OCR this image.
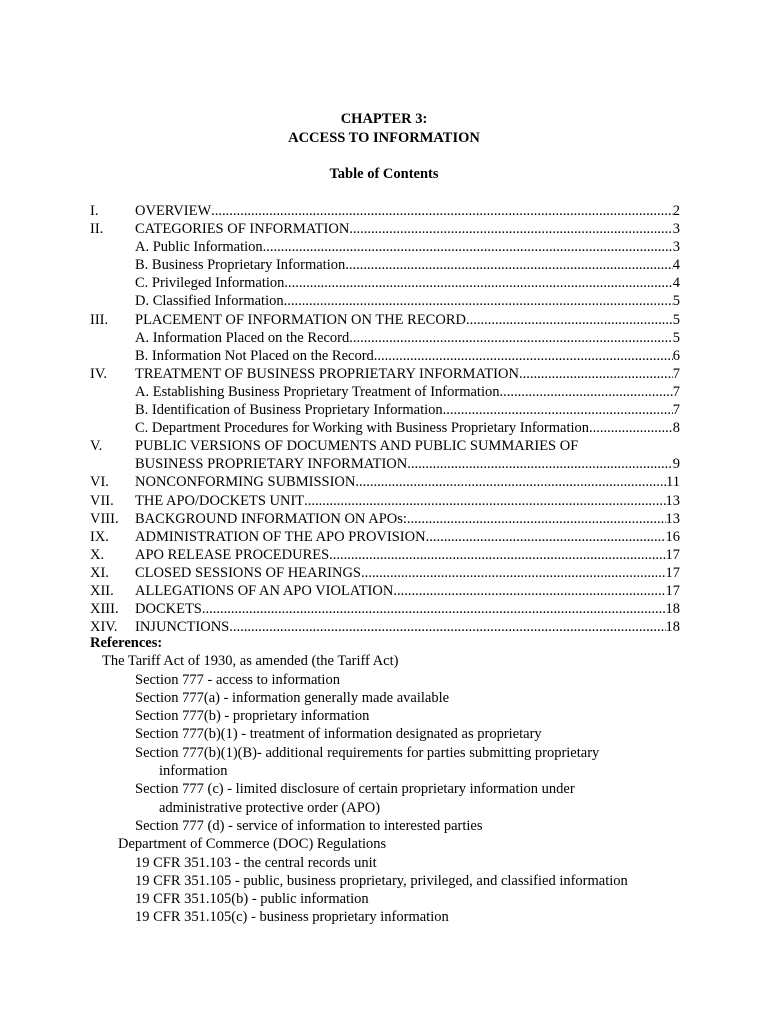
CHAPTER 3:
ACCESS TO INFORMATION
Table of Contents
I.	OVERVIEW .....	2
II. CATEGORIES OF INFORMATION .....	3
A. Public Information .....	3
B. Business Proprietary Information .....	4
C. Privileged Information .....	4
D. Classified Information .....	5
III. PLACEMENT OF INFORMATION ON THE RECORD .....	5
A. Information Placed on the Record .....	5
B. Information Not Placed on the Record .....	6
IV. TREATMENT OF BUSINESS PROPRIETARY INFORMATION .....	7
A. Establishing Business Proprietary Treatment of Information .....	7
B. Identification of Business Proprietary Information .....	7
C. Department Procedures for Working with Business Proprietary Information .....	8
V. PUBLIC VERSIONS OF DOCUMENTS AND PUBLIC SUMMARIES OF
BUSINESS PROPRIETARY INFORMATION .....	9
VI. NONCONFORMING SUBMISSION .....	11
VII. THE APO/DOCKETS UNIT .....	13
VIII. BACKGROUND INFORMATION ON APOs: .....	13
IX. ADMINISTRATION OF THE APO PROVISION .....	16
X. APO RELEASE PROCEDURES .....	17
XI. CLOSED SESSIONS OF HEARINGS .....	17
XII. ALLEGATIONS OF AN APO VIOLATION .....	17
XIII. DOCKETS .....	18
XIV. INJUNCTIONS .....	18
References:
The Tariff Act of 1930, as amended (the Tariff Act)
Section 777 - access to information
Section 777(a) - information generally made available
Section 777(b) - proprietary information
Section 777(b)(1) - treatment of information designated as proprietary
Section 777(b)(1)(B)- additional requirements for parties submitting proprietary
information
Section 777 (c) - limited disclosure of certain proprietary information under
administrative protective order (APO)
Section 777 (d) - service of information to interested parties
Department of Commerce (DOC) Regulations
19 CFR 351.103 - the central records unit
19 CFR 351.105 - public, business proprietary, privileged, and classified information
19 CFR 351.105(b) - public information
19 CFR 351.105(c) - business proprietary information
